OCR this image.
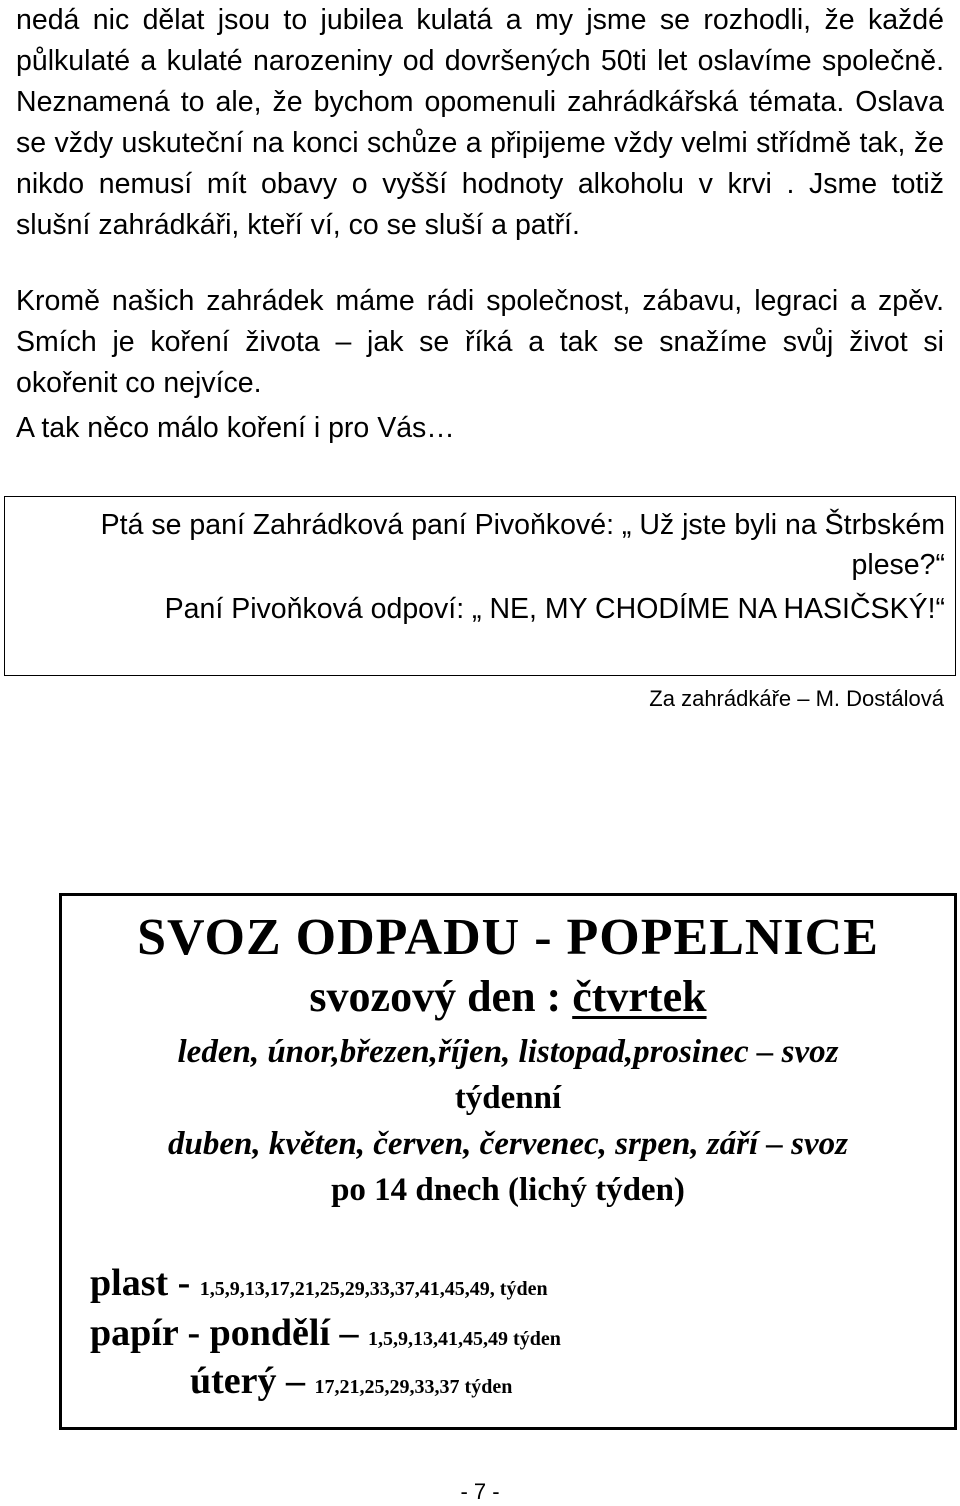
nedá nic dělat jsou to jubilea kulatá a my jsme se rozhodli, že každé půlkulaté a kulaté narozeniny od dovršených 50ti let oslavíme společně. Neznamená to ale, že bychom opomenuli zahrádkářská témata. Oslava se vždy uskuteční na konci schůze a připijeme vždy velmi střídmě tak, že nikdo nemusí mít obavy o vyšší hodnoty alkoholu v krvi . Jsme totiž slušní zahrádkáři, kteří ví, co se sluší a patří.

Kromě našich zahrádek máme rádi společnost, zábavu, legraci a zpěv. Smích je koření života – jak se říká a tak se snažíme svůj život si okořenit co nejvíce.

A tak něco málo koření i pro Vás…

Ptá se paní Zahrádková paní Pivoňkové: „ Už jste byli na Štrbském

plese?“

Paní Pivoňková odpoví: „ NE, MY CHODÍME NA HASIČSKÝ!“

Za zahrádkáře – M. Dostálová

SVOZ ODPADU - POPELNICE

svozový den : čtvrtek

leden, únor,březen,říjen, listopad,prosinec – svoz

týdenní

duben, květen, červen, červenec, srpen, září – svoz

po 14 dnech (lichý týden)

plast - 1,5,9,13,17,21,25,29,33,37,41,45,49, týden

papír - pondělí – 1,5,9,13,41,45,49 týden

úterý – 17,21,25,29,33,37 týden

- 7 -
